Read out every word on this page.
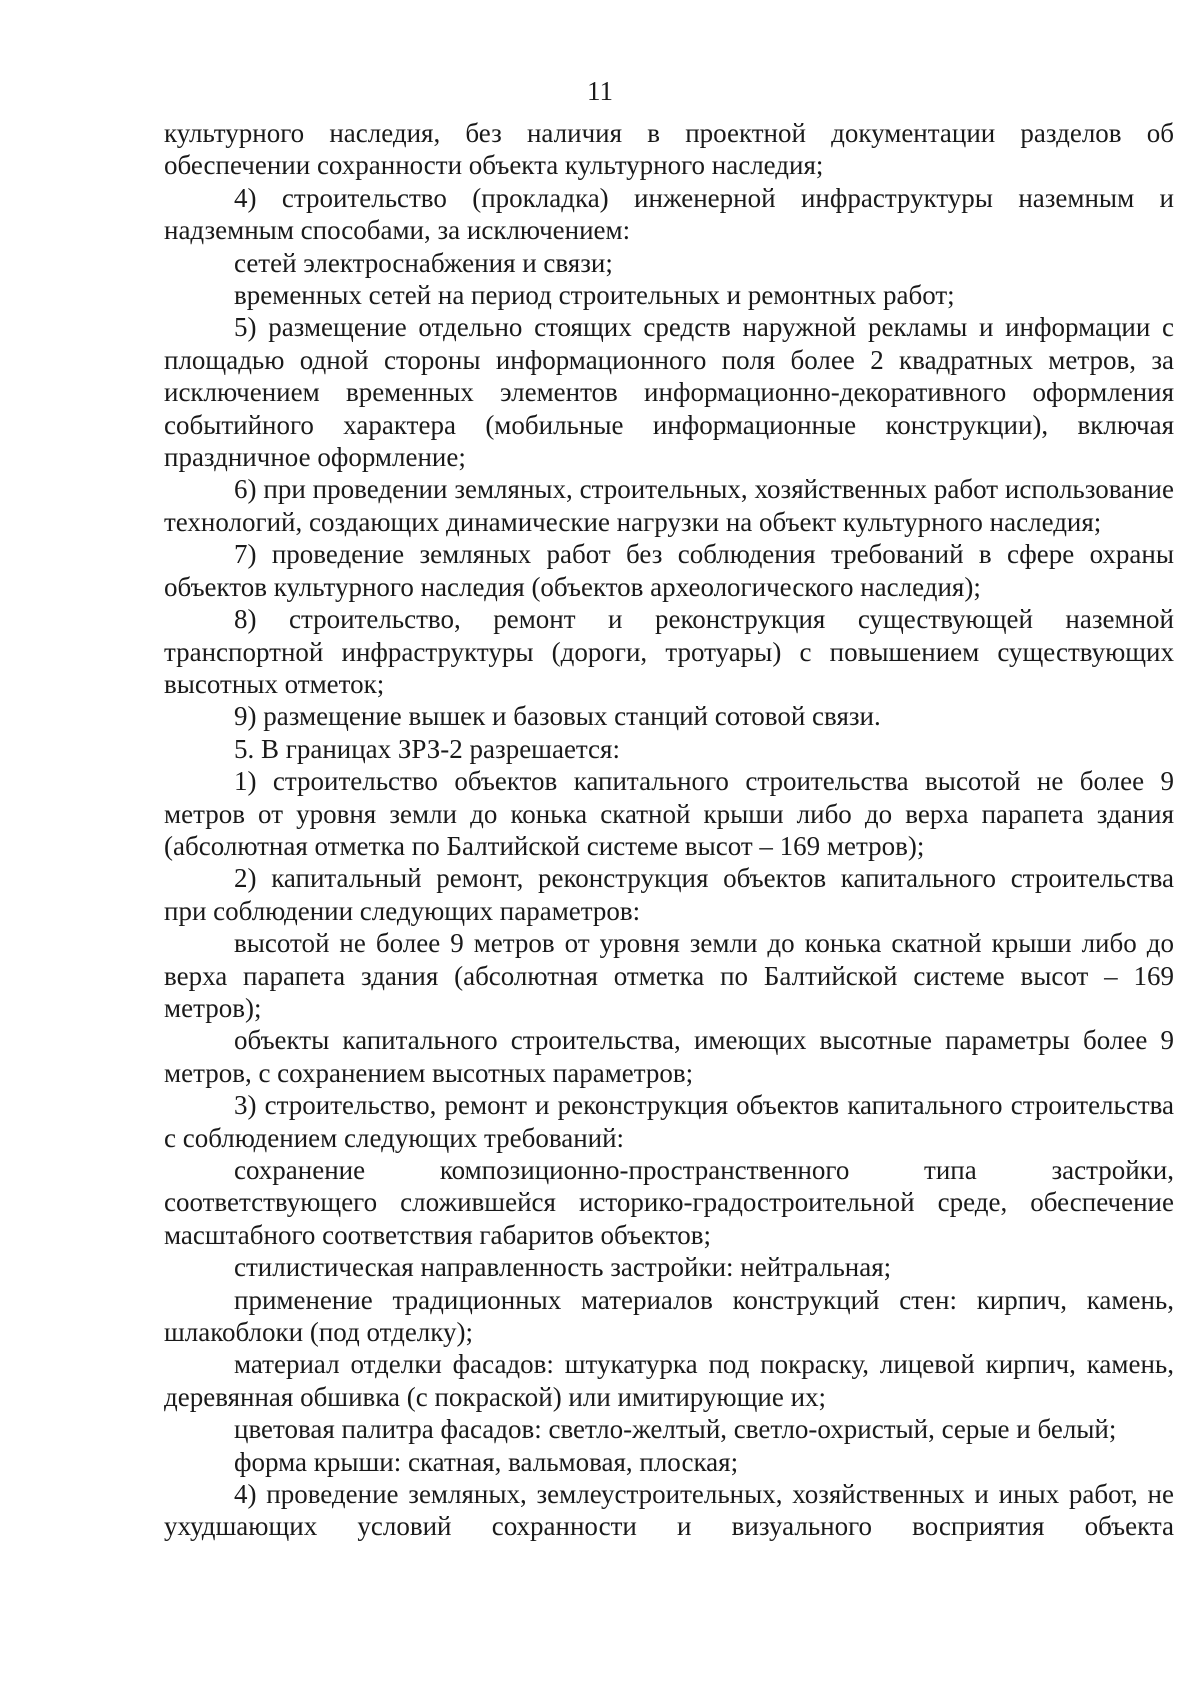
11

культурного наследия, без наличия в проектной документации разделов об обеспечении сохранности объекта культурного наследия;

4) строительство (прокладка) инженерной инфраструктуры наземным и надземным способами, за исключением:

сетей электроснабжения и связи;

временных сетей на период строительных и ремонтных работ;

5) размещение отдельно стоящих средств наружной рекламы и информации с площадью одной стороны информационного поля более 2 квадратных метров, за исключением временных элементов информационно-декоративного оформления событийного характера (мобильные информационные конструкции), включая праздничное оформление;

6) при проведении земляных, строительных, хозяйственных работ использование технологий, создающих динамические нагрузки на объект культурного наследия;

7) проведение земляных работ без соблюдения требований в сфере охраны объектов культурного наследия (объектов археологического наследия);

8) строительство, ремонт и реконструкция существующей наземной транспортной инфраструктуры (дороги, тротуары) с повышением существующих высотных отметок;

9) размещение вышек и базовых станций сотовой связи.

5. В границах ЗРЗ-2 разрешается:

1) строительство объектов капитального строительства высотой не более 9 метров от уровня земли до конька скатной крыши либо до верха парапета здания (абсолютная отметка по Балтийской системе высот – 169 метров);

2) капитальный ремонт, реконструкция объектов капитального строительства при соблюдении следующих параметров:

высотой не более 9 метров от уровня земли до конька скатной крыши либо до верха парапета здания (абсолютная отметка по Балтийской системе высот – 169 метров);

объекты капитального строительства, имеющих высотные параметры более 9 метров, с сохранением высотных параметров;

3) строительство, ремонт и реконструкция объектов капитального строительства с соблюдением следующих требований:

сохранение композиционно-пространственного типа застройки, соответствующего сложившейся историко-градостроительной среде, обеспечение масштабного соответствия габаритов объектов;

стилистическая направленность застройки: нейтральная;

применение традиционных материалов конструкций стен: кирпич, камень, шлакоблоки (под отделку);

материал отделки фасадов: штукатурка под покраску, лицевой кирпич, камень, деревянная обшивка (с покраской) или имитирующие их;

цветовая палитра фасадов: светло-желтый, светло-охристый, серые и белый;

форма крыши: скатная, вальмовая, плоская;

4) проведение земляных, землеустроительных, хозяйственных и иных работ, не ухудшающих условий сохранности и визуального восприятия объекта
